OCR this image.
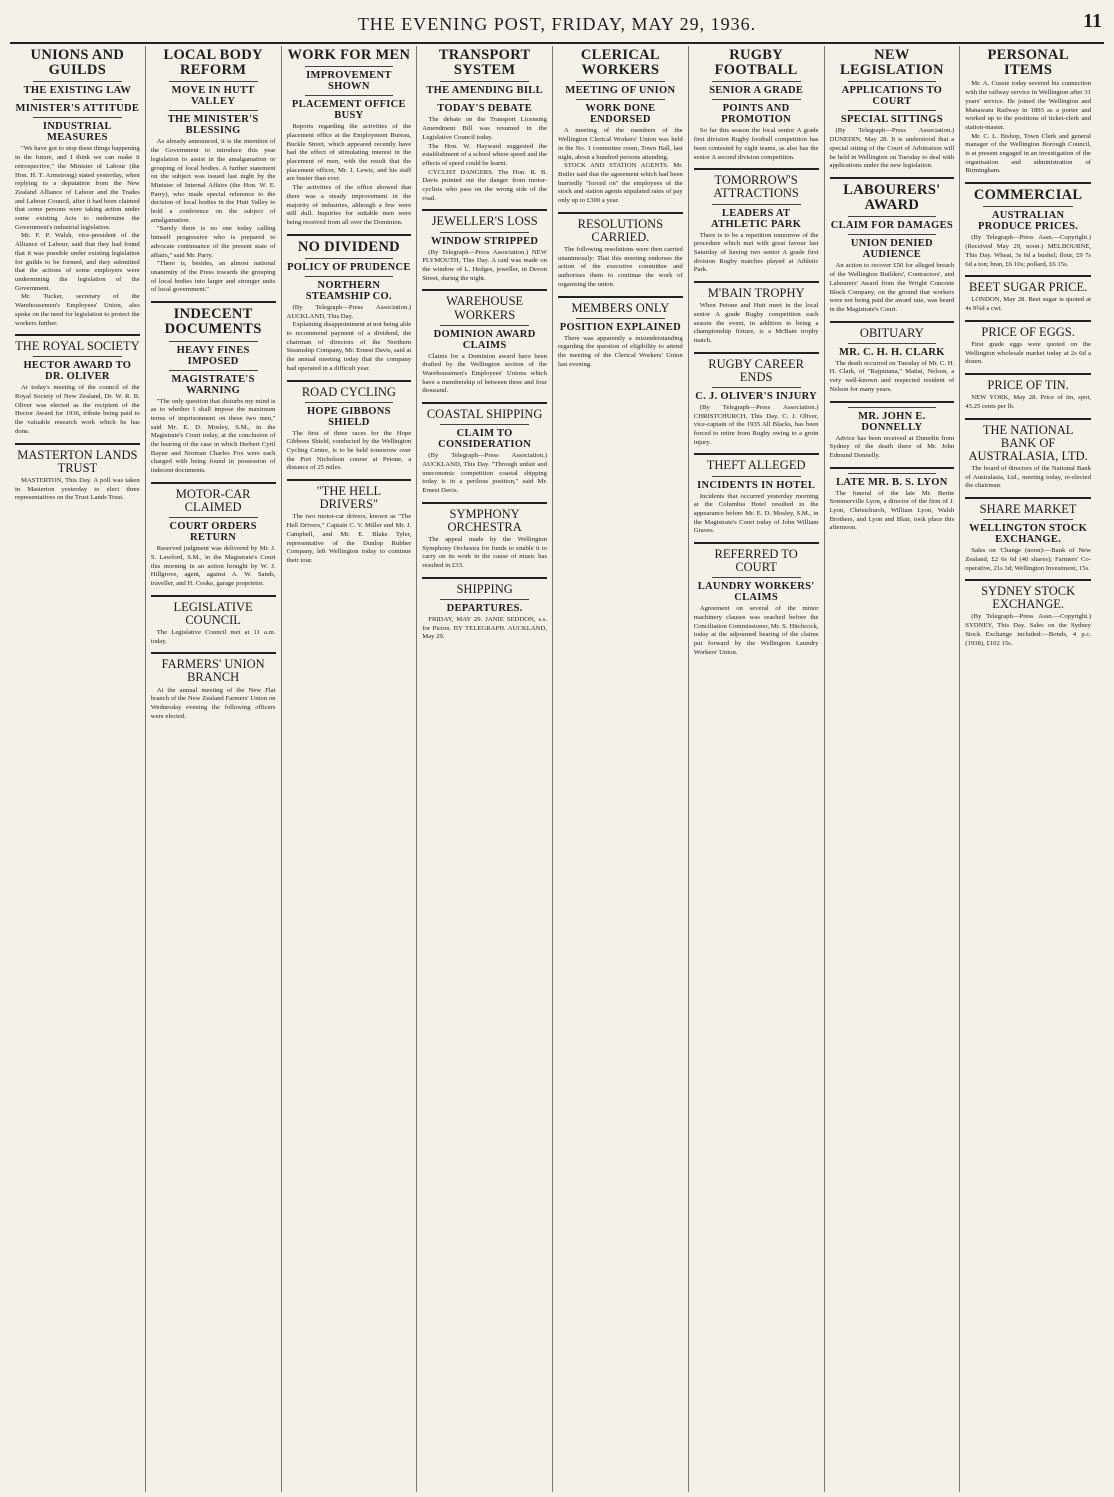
THE EVENING POST, FRIDAY, MAY 29, 1936.	11
UNIONS AND GUILDS
THE EXISTING LAW
MINISTER'S ATTITUDE
INDUSTRIAL MEASURES

"We have got to stop these things happening in the future, and I think we can make it retrospective," the Minister of Labour (the Hon. H. T. Armstrong) stated yesterday, when replying to a deputation from the New Zealand Alliance of Labour and the Trades and Labour Council, after it had been claimed that some persons were taking action under some existing Acts to undermine the Government's industrial legislation.

Mr. F. P. Walsh, vice-president of the Alliance of Labour, said that they had found that it was possible under existing legislation for guilds to be formed, and they submitted that the actions of some employers were undermining the legislation of the Government.

Mr. Tucker, secretary of the Warehousemen's Employees' Union, also spoke on the need for legislation to protect the workers further.

THE ROYAL SOCIETY
HECTOR AWARD TO DR. OLIVER

At today's meeting of the council of the Royal Society of New Zealand, Dr. W. R. B. Oliver was elected as the recipient of the Hector Award for 1936, tribute being paid to the valuable research work which he has done.

MASTERTON LANDS TRUST

MASTERTON, This Day. A poll was taken in Masterton yesterday to elect three representatives on the Trust Lands Trust.

LOCAL BODY REFORM
MOVE IN HUTT VALLEY
THE MINISTER'S BLESSING

As already announced, it is the intention of the Government to introduce this year legislation to assist in the amalgamation or grouping of local bodies. A further statement on the subject was issued last night by the Minister of Internal Affairs (the Hon. W. E. Parry), who made special reference to the decision of local bodies in the Hutt Valley to hold a conference on the subject of amalgamation.

"Surely there is no one today calling himself progressive who is prepared to advocate continuance of the present state of affairs," said Mr. Parry.

"There is, besides, an almost national unanimity of the Press towards the grouping of local bodies into larger and stronger units of local government."

INDECENT DOCUMENTS
HEAVY FINES IMPOSED
MAGISTRATE'S WARNING

"The only question that disturbs my mind is as to whether I shall impose the maximum terms of imprisonment on these two men," said Mr. E. D. Mosley, S.M., in the Magistrate's Court today, at the conclusion of the hearing of the case in which Herbert Cyril Bayne and Norman Charles Fox were each charged with being found in possession of indecent documents.

MOTOR-CAR CLAIMED
COURT ORDERS RETURN

Reserved judgment was delivered by Mr. J. S. Lawford, S.M., in the Magistrate's Court this morning in an action brought by W. J. Hillgrove, agent, against A. W. Sands, traveller, and H. Cooke, garage proprietor.

LEGISLATIVE COUNCIL

The Legislative Council met at 11 a.m. today.

FARMERS' UNION BRANCH

At the annual meeting of the New Flat branch of the New Zealand Farmers' Union on Wednesday evening the following officers were elected.

WORK FOR MEN
IMPROVEMENT SHOWN
PLACEMENT OFFICE BUSY

Reports regarding the activities of the placement office at the Employment Bureau, Buckle Street, which appeared recently have had the effect of stimulating interest in the placement of men, with the result that the placement officer, Mr. J. Lewis, and his staff are busier than ever.

The activities of the office showed that there was a steady improvement in the majority of industries, although a few were still dull. Inquiries for suitable men were being received from all over the Dominion.

NO DIVIDEND
POLICY OF PRUDENCE
NORTHERN STEAMSHIP CO.

(By Telegraph—Press Association.) AUCKLAND, This Day.

Explaining disappointment at not being able to recommend payment of a dividend, the chairman of directors of the Northern Steamship Company, Mr. Ernest Davis, said at the annual meeting today that the company had operated in a difficult year.

ROAD CYCLING
HOPE GIBBONS SHIELD

The first of three races for the Hope Gibbons Shield, conducted by the Wellington Cycling Centre, is to be held tomorrow over the Port Nicholson course at Petone, a distance of 25 miles.

"THE HELL DRIVERS"

The two motor-car drivers, known as "The Hell Drivers," Captain C. V. Miller and Mr. J. Campbell, and Mr. E. Blake Tyler, representative of the Dunlop Rubber Company, left Wellington today to continue their tour.

TRANSPORT SYSTEM
THE AMENDING BILL
TODAY'S DEBATE

The debate on the Transport Licensing Amendment Bill was resumed in the Legislative Council today.

The Hon. W. Hayward suggested the establishment of a school where speed and the effects of speed could be learnt.

CYCLIST DANGERS. The Hon. R. B. Davis pointed out the danger from motor-cyclists who pass on the wrong side of the road.

JEWELLER'S LOSS
WINDOW STRIPPED

(By Telegraph—Press Association.) NEW PLYMOUTH, This Day. A raid was made on the window of L. Hedges, jeweller, in Devon Street, during the night.

WAREHOUSE WORKERS
DOMINION AWARD CLAIMS

Claims for a Dominion award have been drafted by the Wellington section of the Warehousemen's Employees' Unions which have a membership of between three and four thousand.

COASTAL SHIPPING
CLAIM TO CONSIDERATION

(By Telegraph—Press Association.) AUCKLAND, This Day. "Through unfair and uneconomic competition coastal shipping today is in a perilous position," said Mr. Ernest Davis.

SYMPHONY ORCHESTRA

The appeal made by the Wellington Symphony Orchestra for funds to enable it to carry on its work in the cause of music has resulted in £33.

SHIPPING
DEPARTURES.

FRIDAY, MAY 29. JANIE SEDDON, s.s. for Picton. BY TELEGRAPH. AUCKLAND, May 29.

CLERICAL WORKERS
MEETING OF UNION
WORK DONE ENDORSED

A meeting of the members of the Wellington Clerical Workers' Union was held in the No. 1 committee room, Town Hall, last night, about a hundred persons attending.

STOCK AND STATION AGENTS. Mr. Butler said that the agreement which had been hurriedly "forced on" the employees of the stock and station agents stipulated rates of pay only up to £300 a year.

RESOLUTIONS CARRIED.

The following resolutions were then carried unanimously: That this meeting endorses the action of the executive committee and authorises them to continue the work of organising the union.

MEMBERS ONLY
POSITION EXPLAINED

There was apparently a misunderstanding regarding the question of eligibility to attend the meeting of the Clerical Workers' Union last evening.

RUGBY FOOTBALL
SENIOR A GRADE
POINTS AND PROMOTION

So far this season the local senior A grade first division Rugby football competition has been contested by eight teams, as also has the senior A second division competition.

TOMORROW'S ATTRACTIONS
LEADERS AT ATHLETIC PARK

There is to be a repetition tomorrow of the procedure which met with great favour last Saturday of having two senior A grade first division Rugby matches played at Athletic Park.

M'BAIN TROPHY

When Petone and Hutt meet in the local senior A grade Rugby competition each season the event, in addition to being a championship fixture, is a McBain trophy match.

RUGBY CAREER ENDS
C. J. OLIVER'S INJURY

(By Telegraph—Press Association.) CHRISTCHURCH, This Day. C. J. Oliver, vice-captain of the 1935 All Blacks, has been forced to retire from Rugby owing to a groin injury.

THEFT ALLEGED
INCIDENTS IN HOTEL

Incidents that occurred yesterday morning at the Columbia Hotel resulted in the appearance before Mr. E. D. Mosley, S.M., in the Magistrate's Court today of John William Graves.

REFERRED TO COURT
LAUNDRY WORKERS' CLAIMS

Agreement on several of the minor machinery clauses was reached before the Conciliation Commissioner, Mr. S. Hitchcock, today at the adjourned hearing of the claims put forward by the Wellington Laundry Workers' Union.

NEW LEGISLATION
APPLICATIONS TO COURT
SPECIAL SITTINGS

(By Telegraph—Press Association.) DUNEDIN, May 28. It is understood that a special sitting of the Court of Arbitration will be held in Wellington on Tuesday to deal with applications under the new legislation.

LABOURERS' AWARD
CLAIM FOR DAMAGES
UNION DENIED AUDIENCE

An action to recover £50 for alleged breach of the Wellington Builders', Contractors', and Labourers' Award from the Wright Concrete Block Company, on the ground that workers were not being paid the award rate, was heard in the Magistrate's Court.

OBITUARY
MR. C. H. H. CLARK

The death occurred on Tuesday of Mr. C. H. H. Clark, of "Rajputana," Maitai, Nelson, a very well-known and respected resident of Nelson for many years.

MR. JOHN E. DONNELLY

Advice has been received at Dunedin from Sydney of the death there of Mr. John Edmund Donnelly.

LATE MR. B. S. LYON

The funeral of the late Mr. Bertie Sommerville Lyon, a director of the firm of J. Lyon, Christchurch, William Lyon, Walsh Brothers, and Lyon and Blair, took place this afternoon.

PERSONAL ITEMS

Mr. A. Cussie today severed his connection with the railway service in Wellington after 31 years' service. He joined the Wellington and Manawatu Railway in 1893 as a porter and worked up to the positions of ticket-clerk and station-master.

Mr. C. L. Bishop, Town Clerk and general manager of the Wellington Borough Council, is at present engaged in an investigation of the organisation and administration of Birmingham.

COMMERCIAL
AUSTRALIAN PRODUCE PRICES.

(By Telegraph—Press Assn.—Copyright.) (Received May 29, noon.) MELBOURNE, This Day. Wheat, 3s 6d a bushel; flour, £9 7s 6d a ton; bran, £6 10s; pollard, £6 15s.

BEET SUGAR PRICE.

LONDON, May 28. Beet sugar is quoted at 4s 9¾d a cwt.

PRICE OF EGGS.

First grade eggs were quoted on the Wellington wholesale market today at 2s 6d a dozen.

PRICE OF TIN.

NEW YORK, May 28. Price of tin, spot, 45.25 cents per lb.

THE NATIONAL BANK OF AUSTRALASIA, LTD.

The board of directors of the National Bank of Australasia, Ltd., meeting today, re-elected the chairman.

SHARE MARKET
WELLINGTON STOCK EXCHANGE.

Sales on 'Change (noon):—Bank of New Zealand, £2 6s 6d (40 shares); Farmers' Co-operative, 21s 3d; Wellington Investment, 15s.

SYDNEY STOCK EXCHANGE.

(By Telegraph—Press Assn.—Copyright.) SYDNEY, This Day. Sales on the Sydney Stock Exchange included:—Bonds, 4 p.c. (1938), £102 15s.
